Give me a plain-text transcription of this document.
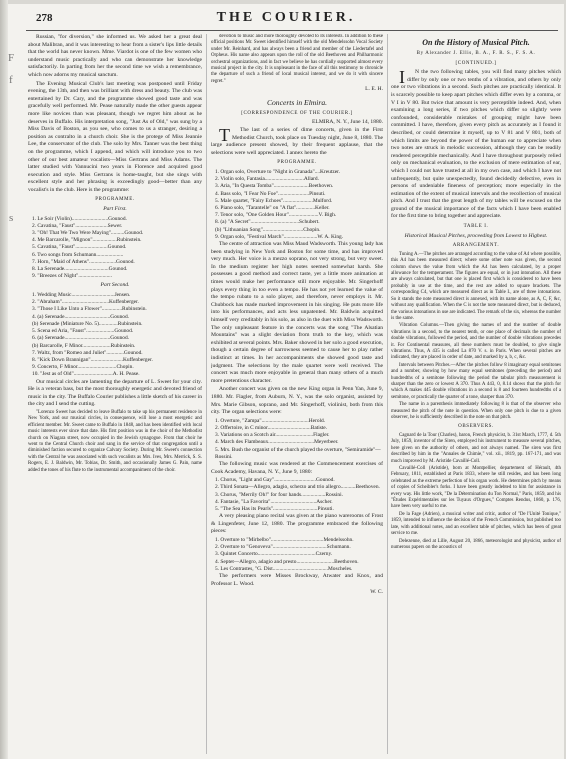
278	THE COURIER.
F
f
s

Russian, "for diversion," she informed us. We asked her a great deal about Malibran, and it was interesting to hear from a sister's lips little details that the world has never known. Mme. Viardot is one of the few women who understand music practically and who can demonstrate her knowledge satisfactorily. In parting from her the second time we wish a remembrance, which now adorns my musical sanctum.

The Evening Musical Club's last meeting was postponed until Friday evening, the 13th, and then was brilliant with dress and beauty. The club was entertained by Dr. Cary, and the programme showed good taste and was gracefully well performed. Mr. Pease naturally made the other guests appear more like novices than was pleasant, though we regret him about as he deserves in Buffalo. His interpretation song, "Just As of Old," was sung by a Miss Davis of Boston, as you see, who comes to us a stranger, desiring a position as contralto in a church choir. She is the protege of Miss Jeannie Lee, the conservator of the club. The solo by Mrs. Tanner was the best thing on the programme, which I append, and which will introduce you to two other of our best amateur vocalists—Miss Gertrans and Miss Adams. The latter studied with Vannucini two years in Florence and acquired good execution and style. Miss Gertrans is home-taught, but she sings with excellent style and her phrasing is exceedingly good—better than any vocalist's in the club. Here is the programme:

PROGRAMME.
Part First.
1. Le Soir (Violin)...........................Gounod.
2. Cavatina, "Faust"........................Sewer.
3. "Oh! That We Two Were Maying"..........Gounod.
4. Me Barcarolle, "Mignon"..................Rubinstein.
5. Cavatina, "Faust"........................Gounod.
6. Two songs from Schumann....................
7. Horn, "Maid of Athens"....................Gounod.
8. La Serenade.................................Gounod.
9. "Breezes of Night".........................
Part Second.
1. Wedding Music................................Jensen.
2. "Abraham"...................................Kuffenberger.
3. "Those I Like Unto a Flower"...............Rubinstein.
4. (a) Serenade..................................Gounod.
(b) Serenade (Miniature No. 5)..............Rubinstein.
5. Scena ed Aria, "Faust".....................Gounod.
6. (a) Serenade..................................Gounod.
(b) Barcarolle, F Minor.....................Rubinstein.
7. Waltz, from "Romeo and Juliet".............Gounod.
8. "Kick Down Brannigan"........................Kuffenberger.
9. Concerto, F Minor.............................Chopin.
10. "Jest as of Old".............................A. H. Pease.

Our musical circles are lamenting the departure of L. Sweet for your city. He is a veteran bass, but the most thoroughly energetic and devoted friend of music in the city. The Buffalo Courier publishes a little sketch of his career in the city and I send the cutting.

"Lorenzo Sweet has decided to leave Buffalo to take up his permanent residence in New York, and our musical circles, in consequence, will lose a most energetic and efficient member. Mr. Sweet came to Buffalo in 1848, and has been identified with local music interests ever since that date. His first position was in the choir of the Methodist church on Niagara street, now occupied in the Jewish synagogue. From that choir he went to the Central Church choir and sang in the service of that congregation until a diminished faction secured to organize Calvary Society. During Mr. Sweet's connection with the Central he was associated with such vocalists as Mrs. Ives, Mrs. Merrick, S. S. Rogers, E. J. Baldwin, Mr. Tobias, Dr. Smith, and occasionally James G. Pain, name added the tones of his flute to the instrumental accompaniment of the choir.

devotion to music and more thoroughly devoted to its interests. In addition to these official positions Mr. Sweet identified himself with the old Mendelssohn Vocal Society under Mr. Reinhard, and has always been a friend and member of the Liedertafel and Orpheus. His name also appears upon the roll of the old Beethoven and Philharmonic orchestral organizations, and in fact we believe he has cordially supported almost every musical project in the city. It is unpleasant in the face of all this testimony to chronicle the departure of such a friend of local musical interest, and we do it with sincere regret."

L. E. H.
Concerts in Elmira.
[CORRESPONDENCE OF THE COURIER.]
ELMIRA, N. Y., June 14, 1880.

T The last of a series of dime concerts, given in the First Methodist Church, took place on Tuesday night, June 8, 1880. The large audience present showed, by their frequent applause, that the selections were well appreciated. I annex hereto the

PROGRAMME.
1. Organ solo, Overture to "Night in Granada"....Kreutzer.
2. Violin solo, Fantasia.............................Allard.
3. Aria, "In Questa Tomba"..........................Beethoven.
4. Bass solo, "I Fear No Foe".......................Pinsuti.
5. Male quartet, "Fairy Echoes"......................Mulford.
6. Piano solo, "Tarantelle" on "A flat"..............Keller.
7. Tenor solo, "One Golden Hour"......................V. Bigh.
8. (a) "A Secret"....................................Schubert.
(b) "Lithuanian Song"..............................Chopin.
9. Organ solo, "Festival March".........................W. A. King.

The centre of attraction was Miss Maud Wadsworth. This young lady has been studying in New York and Boston for some time, and has improved very much. Her voice is a mezzo soprano, not very strong, but very sweet. In the medium register her high notes seemed somewhat harsh. She possesses a good method and correct taste, yet a little more animation at times would make her performance still more enjoyable. Mr. Singerhoff plays every thing in too even a tempo. He has not yet learned the value of the tempo rubato to a solo player, and therefore, never employs it. Mr. Chubbock has made marked improvement in his singing. He puts more life into his performances, and acts less unpatented. Mr. Baldwin acquitted himself very creditably in his solo, as also in the duet with Miss Wadsworth. The only unpleasant feature in the concerts was the song "The Alsatian Mountains" was a slight deviation from truth to the key, which was exhibited at several points. Mrs. Baker showed in her solo a good execution, though a certain degree of narrowness seemed to cause her to play rather indistinct at times. In her accompaniments she showed good taste and judgment. The selections by the male quartet were well received. The concert was much more enjoyable in general than many others of a much more pretentious character.

Another concert was given on the new King organ in Penn Yan, June 9, 1880. Mr. Flagler, from Auburn, N. Y., was the solo organist, assisted by Mrs. Marie Gibson, soprano, and Mr. Singerhoff, violinist, both from this city. The organ selections were:

1. Overture, "Zampa"...................................Herold.
2. Offertoire, in C minor................................Batiste.
3. Variations on a Scotch air............................Flagler.
4. March des Flambeaux..................................Meyerbeer.
5. Mrs. Bush the organist of the church played the overture, "Semiramide"—Rossini.

The following music was rendered at the Commencement exercises of Cook Academy, Havana, N. Y., June 9, 1880:

1. Chorus, "Light and Gay"...............................Gounod.
2. Third Sonata—Allegro, adagio, scherzo and trio allegro...........Beethoven.
3. Chorus, "Merrily Oh!" for four hands..................Rossini.
4. Fantasie, "La Favorita"..................................Ascher.
5. "The Sea Has its Pearls".................................Pinsuti.

A very pleasing piano recital was given at the piano warerooms of Frost & Lingenfeter, June 12, 1880. The programme embraced the following pieces:

1. Overture to "Mirbelbo".......................................Mendelssohn.
2. Overture to "Genoveva"........................................Schumann.
3. Quintet Concerto...........................................Czerny.
4. Septet—Allegro, adagio and presto............................Beethoven.
5. Les Contrastes, "G. Dist.........................................Moscheles.

The performers were Misses Brockway, Atwater and Knox, and Professor L. Wood.

W. C.
On the History of Musical Pitch.
By Alexander J. Ellis, B. A., F. R. S., F. S. A.
[CONTINUED.]

I N the two following tables, you will find many pitches which differ by only one or two tenths of a vibration, and others by only one or two vibrations in a second. Such pitches are practically identical. It is scarcely possible to keep apart pitches which differ even by a comma, or V I in V 80. But twice that amount is very perceptible indeed. And, when examining a long series, if two pitches which differ so slightly were confounded, considerable mistakes of grouping might have been committed. I have, therefore, given every pitch as accurately as I found it described, or could determine it myself, up to V 81 and V 801, both of which limits are beyond the power of the human ear to appreciate when two notes are struck in melodic succession, although they can be readily rendered perceptible mechanically. And I have throughout purposely relied only on mechanical evaluation, to the exclusion of mere estimation of ear, which I could not have trusted at all in my own case, and which I have not unfrequently, but quite unexpectedly, found decidedly defective, even in persons of undeniable fineness of perception; more especially in the estimation of the extent of musical intervals and the recollection of musical pitch. And I trust that the great length of my tables will be excused on the ground of the musical importance of the facts which I have been enabled for the first time to bring together and appreciate.

TABLE I.
Historical Musical Pitches, proceeding from Lowest to Highest.
ARRANGEMENT.

Tuning A.—The pitches are arranged according to the value of A4 where possible, this A4 has been measured direct; where some other note was given, the second column shows the value from which the A4 has been calculated, by a proper allowance for the temperament. The figures are equal, or in just intonation. All these are always calculated, but that one is placed first which is considered to have been probably in use at the time, and the rest are added to square brackets. The corresponding C4, which are measured direct as in Table I., are of three intonations. So it stands the note measured direct is annexed, with its name alone, as A, C, F, &c, without any qualification. When the C is not the note measured direct, but is deduced, the various intonations in use are indicated. The remark of the six, whereas the number is the same.

Vibration Columns.—Then giving the names of and the number of double vibrations in a second, to the nearest tenth, or one place of decimals the number of double vibrations, followed the period, and the number of double vibrations precedes it. For Continental measures, all these numbers must be doubled, to give single vibrations. Thus, A 435 is called La 870 V. s. in Paris. When several pitches are indicated, they are placed in order of date, and marked by a, b, c, &c.

Intervals between Pitches.—After the pitches follow 8 imaginary equal semitones and a number, showing by how many equal semitones (preceding the period) and hundredths of a semitone following the period the tabular pitch measurement is sharper than the zero or lowest A 370. Thus A 443, 0, 8.14 shows that the pitch for which A makes 445 double vibrations in a second is 8 and fourteen hundredths of a semitone, or practically the quarter of a tone, sharper than 370.

The name in a parenthesis immediately following 8 is that of the observer who measured the pitch of the note in question. When only one pitch is due to a given observer, he is sufficiently described in the note on that pitch.

OBSERVERS.

Cagnard de la Tour (Charles), baron, French physicist, b. 31st March, 1777, d. 5th July, 1859, inventor of the Siren, employed his instrument to measure several pitches, here given on the authority of others, and not always named. The siren was first described by him in the "Annales de Chimie," vol. xii., 1819, pp. 167-171, and was much improved by M. Aristide Cavaillé-Coll.

Cavaillé-Coll (Aristide), born at Montpellier, departement of Hérault, 4th February, 1811, established at Paris 1833, where he still resides, and has been long celebrated as the extreme perfection of his organ work. He determines pitch by means of copies of Scheibler's forks. I have been greatly indebted to him for assistance in every way. His little work, "De la Détermination du Ton Normal," Paris, 1859, and his "Études Expérimentales sur les Tuyaux d'Orgues," Comptes Rendus, 1860, p. 176, have been very useful to me.

De la Fage (Adrien), a musical writer and critic, author of "De l'Unité Tonique," 1859, intended to influence the decision of the French Commission, but published too late, with additional notes, and an excellent table of pitches, which has been of great service to me.

Delezenne, died at Lille, August 20, 1866, meteorologist and physicist, author of numerous papers on the acoustics of
